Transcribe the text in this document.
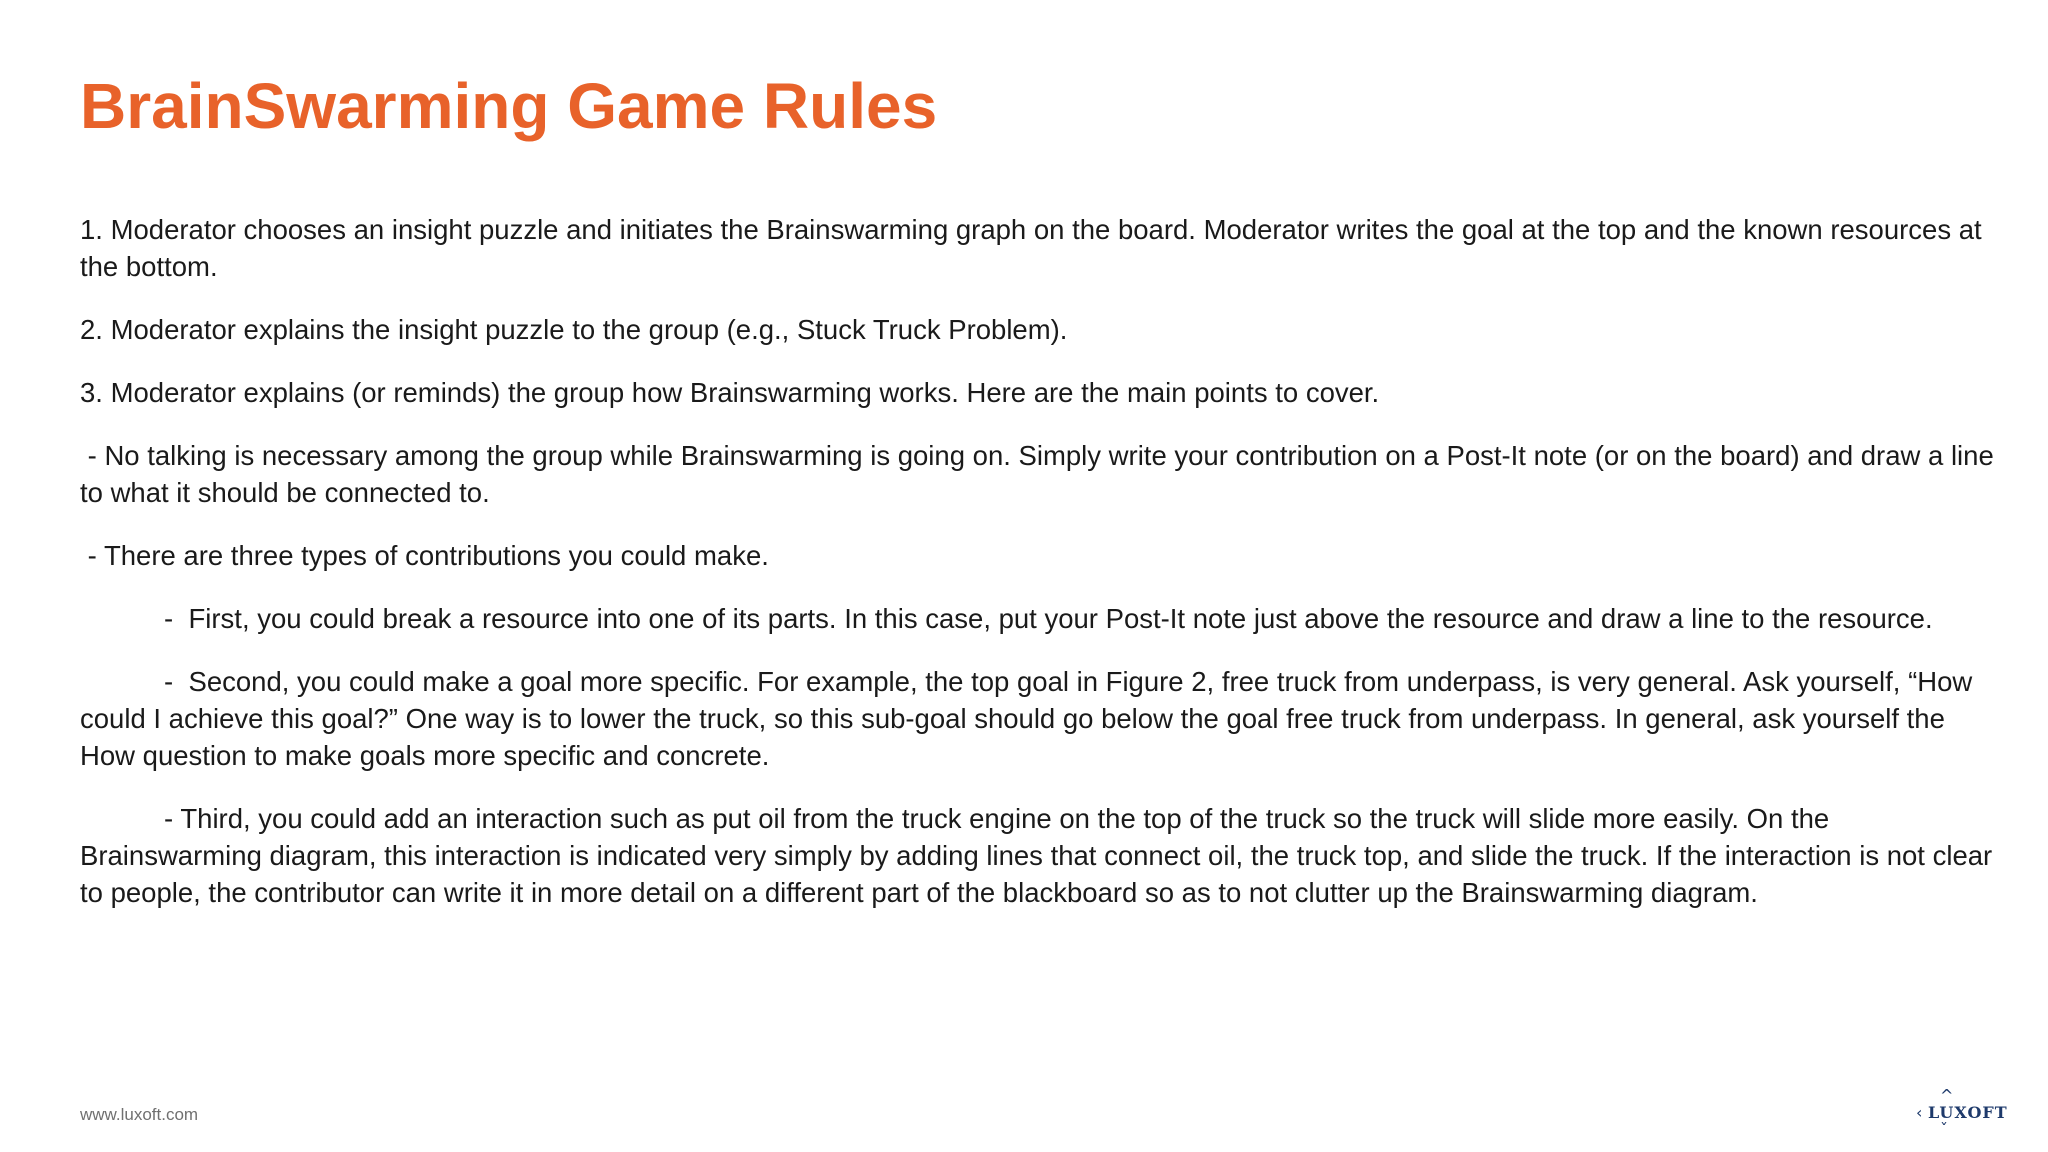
BrainSwarming Game Rules

1. Moderator chooses an insight puzzle and initiates the Brainswarming graph on the board. Moderator writes the goal at the top and the known resources at the bottom.

2. Moderator explains the insight puzzle to the group (e.g., Stuck Truck Problem).

3. Moderator explains (or reminds) the group how Brainswarming works. Here are the main points to cover.

- No talking is necessary among the group while Brainswarming is going on. Simply write your contribution on a Post-It note (or on the board) and draw a line to what it should be connected to.

- There are three types of contributions you could make.

-  First, you could break a resource into one of its parts. In this case, put your Post-It note just above the resource and draw a line to the resource.

-  Second, you could make a goal more specific. For example, the top goal in Figure 2, free truck from underpass, is very general. Ask yourself, “How could I achieve this goal?” One way is to lower the truck, so this sub-goal should go below the goal free truck from underpass. In general, ask yourself the How question to make goals more specific and concrete.

- Third, you could add an interaction such as put oil from the truck engine on the top of the truck so the truck will slide more easily. On the Brainswarming diagram, this interaction is indicated very simply by adding lines that connect oil, the truck top, and slide the truck. If the interaction is not clear to people, the contributor can write it in more detail on a different part of the blackboard so as to not clutter up the Brainswarming diagram.

www.luxoft.com
^
‹ LUXOFT
ˇ
